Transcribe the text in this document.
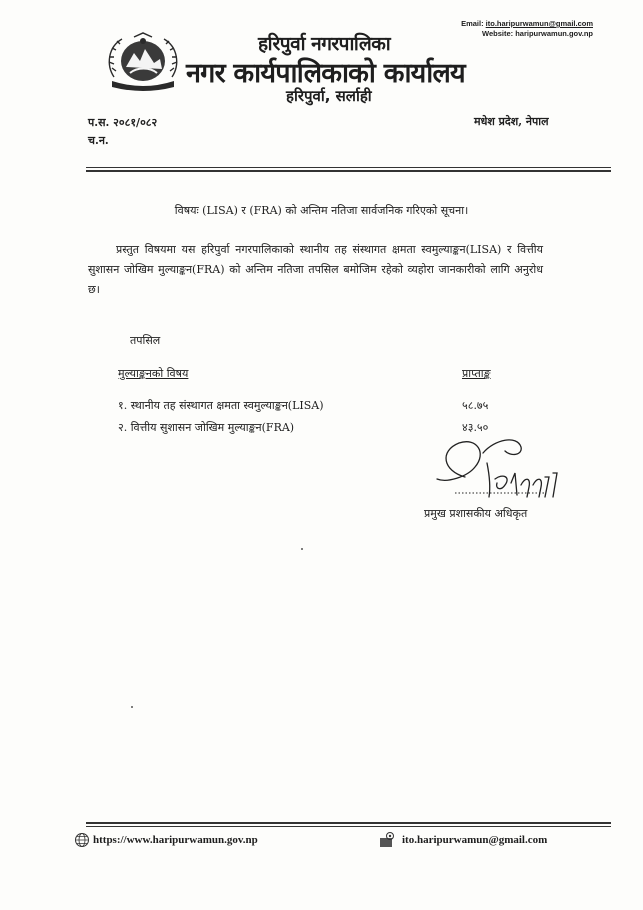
Email: ito.haripurwamun@gmail.com
Website: haripurwamun.gov.np
हरिपुर्वा नगरपालिका
नगर कार्यपालिकाको कार्यालय
हरिपुर्वा, सर्लाही
प.स. २०८१/०८२
च.न.
मधेश प्रदेश, नेपाल
विषयः (LISA) र (FRA) को अन्तिम नतिजा सार्वजनिक गरिएको सूचना।
प्रस्तुत विषयमा यस हरिपुर्वा नगरपालिकाको स्थानीय तह संस्थागत क्षमता स्वमुल्याङ्कन(LISA) र वित्तीय सुशासन जोखिम मुल्याङ्कन(FRA) को अन्तिम नतिजा तपसिल बमोजिम रहेको व्यहोरा जानकारीको लागि अनुरोध छ।
तपसिल
मुल्याङ्कनको विषय	प्राप्ताङ्क
१. स्थानीय तह संस्थागत क्षमता स्वमुल्याङ्कन(LISA)	५८.७५
२. वित्तीय सुशासन जोखिम मुल्याङ्कन(FRA)	४३.५०
प्रमुख प्रशासकीय अधिकृत
https://www.haripurwamun.gov.np	ito.haripurwamun@gmail.com
